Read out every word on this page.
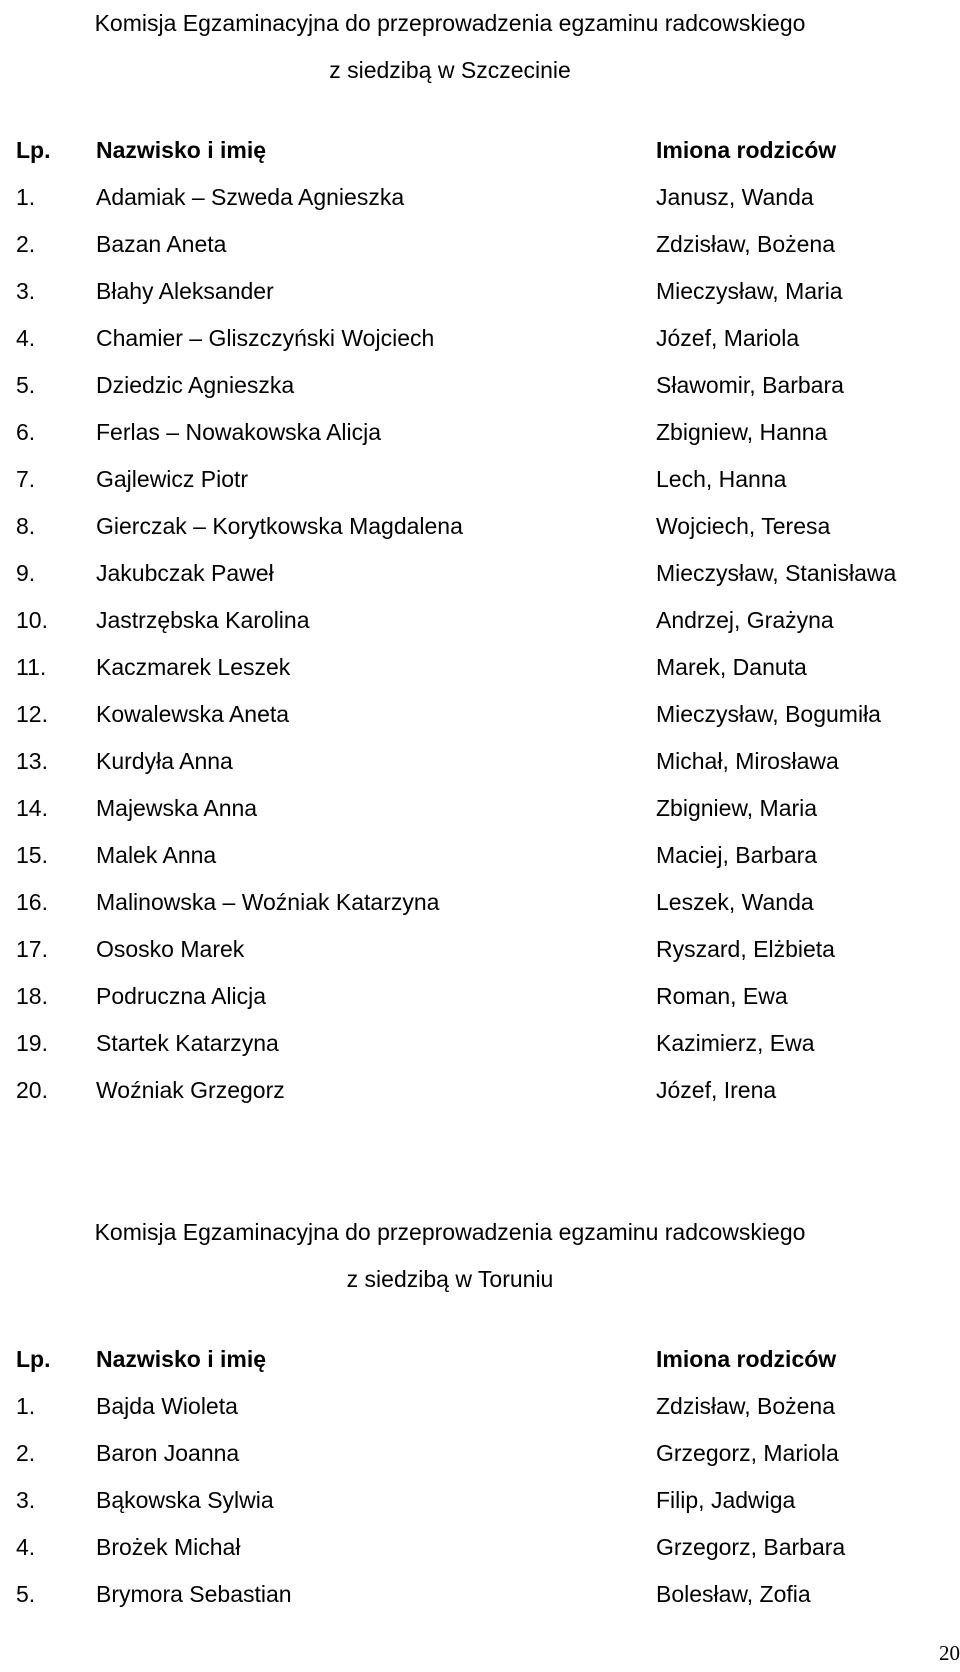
Komisja Egzaminacyjna do przeprowadzenia egzaminu radcowskiego
z siedzibą w Szczecinie
Lp. Nazwisko i imię	Imiona rodziców
1.	Adamiak – Szweda Agnieszka	Janusz, Wanda
2.	Bazan Aneta	Zdzisław, Bożena
3.	Błahy Aleksander	Mieczysław, Maria
4.	Chamier – Gliszczyński Wojciech	Józef, Mariola
5.	Dziedzic Agnieszka	Sławomir, Barbara
6.	Ferlas – Nowakowska Alicja	Zbigniew, Hanna
7.	Gajlewicz Piotr	Lech, Hanna
8.	Gierczak – Korytkowska Magdalena	Wojciech, Teresa
9.	Jakubczak Paweł	Mieczysław, Stanisława
10. Jastrzębska Karolina	Andrzej, Grażyna
11. Kaczmarek Leszek	Marek, Danuta
12. Kowalewska Aneta	Mieczysław, Bogumiła
13. Kurdyła Anna	Michał, Mirosława
14. Majewska Anna	Zbigniew, Maria
15. Malek Anna	Maciej, Barbara
16. Malinowska – Woźniak Katarzyna	Leszek, Wanda
17. Ososko Marek	Ryszard, Elżbieta
18. Podruczna Alicja	Roman, Ewa
19. Startek Katarzyna	Kazimierz, Ewa
20. Woźniak Grzegorz	Józef, Irena
Komisja Egzaminacyjna do przeprowadzenia egzaminu radcowskiego
z siedzibą w Toruniu
Lp. Nazwisko i imię	Imiona rodziców
1.	Bajda Wioleta	Zdzisław, Bożena
2.	Baron Joanna	Grzegorz, Mariola
3.	Bąkowska Sylwia	Filip, Jadwiga
4.	Brożek Michał	Grzegorz, Barbara
5.	Brymora Sebastian	Bolesław, Zofia
20
